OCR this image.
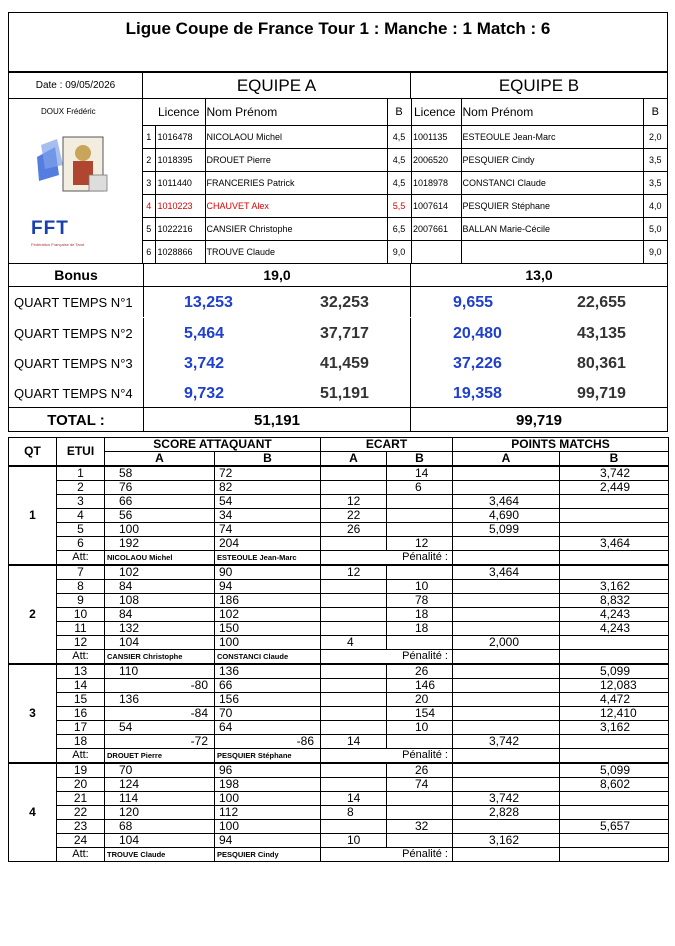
Ligue Coupe de France Tour 1 : Manche : 1 Match : 6
Date : 09/05/2026
DOUX Frédéric
FFT
Fédération Française de Tarot
EQUIPE A	EQUIPE B
	Licence	Nom Prénom	B
1	1016478	NICOLAOU Michel	4,5
2	1018395	DROUET Pierre	4,5
3	1011440	FRANCERIES Patrick	4,5
4	1010223	CHAUVET Alex	5,5
5	1022216	CANSIER Christophe	6,5
6	1028866	TROUVE Claude	9,0
Licence	Nom Prénom	B
1001135	ESTEOULE Jean-Marc	2,0
2006520	PESQUIER Cindy	3,5
1018978	CONSTANCI Claude	3,5
1007614	PESQUIER Stéphane	4,0
2007661	BALLAN Marie-Cécile	5,0
		9,0
Bonus	19,0	13,0
QUART TEMPS N°1	13,253	32,253	9,655	22,655
QUART TEMPS N°2	5,464	37,717	20,480	43,135
QUART TEMPS N°3	3,742	41,459	37,226	80,361
QUART TEMPS N°4	9,732	51,191	19,358	99,719
TOTAL :	51,191	99,719
QT	ETUI	SCORE ATTAQUANT		ECART		POINTS MATCHS	
		A	B	A	B	A	B
1	1	58	72		14		3,742
	2	76	82		6		2,449
	3	66	54	12		3,464	
	4	56	34	22		4,690	
	5	100	74	26		5,099	
	6	192	204		12		3,464
	Att:	NICOLAOU Michel	ESTEOULE Jean-Marc	Pénalité :			
2	7	102	90	12		3,464	
	8	84	94		10		3,162
	9	108	186		78		8,832
	10	84	102		18		4,243
	11	132	150		18		4,243
	12	104	100	4		2,000	
	Att:	CANSIER Christophe	CONSTANCI Claude	Pénalité :			
3	13	110	136		26		5,099
	14	-80	66		146		12,083
	15	136	156		20		4,472
	16	-84	70		154		12,410
	17	54	64		10		3,162
	18	-72	-86	14		3,742	
	Att:	DROUET Pierre	PESQUIER Stéphane	Pénalité :			
4	19	70	96		26		5,099
	20	124	198		74		8,602
	21	114	100	14		3,742	
	22	120	112	8		2,828	
	23	68	100		32		5,657
	24	104	94	10		3,162	
	Att:	TROUVE Claude	PESQUIER Cindy	Pénalité :			
